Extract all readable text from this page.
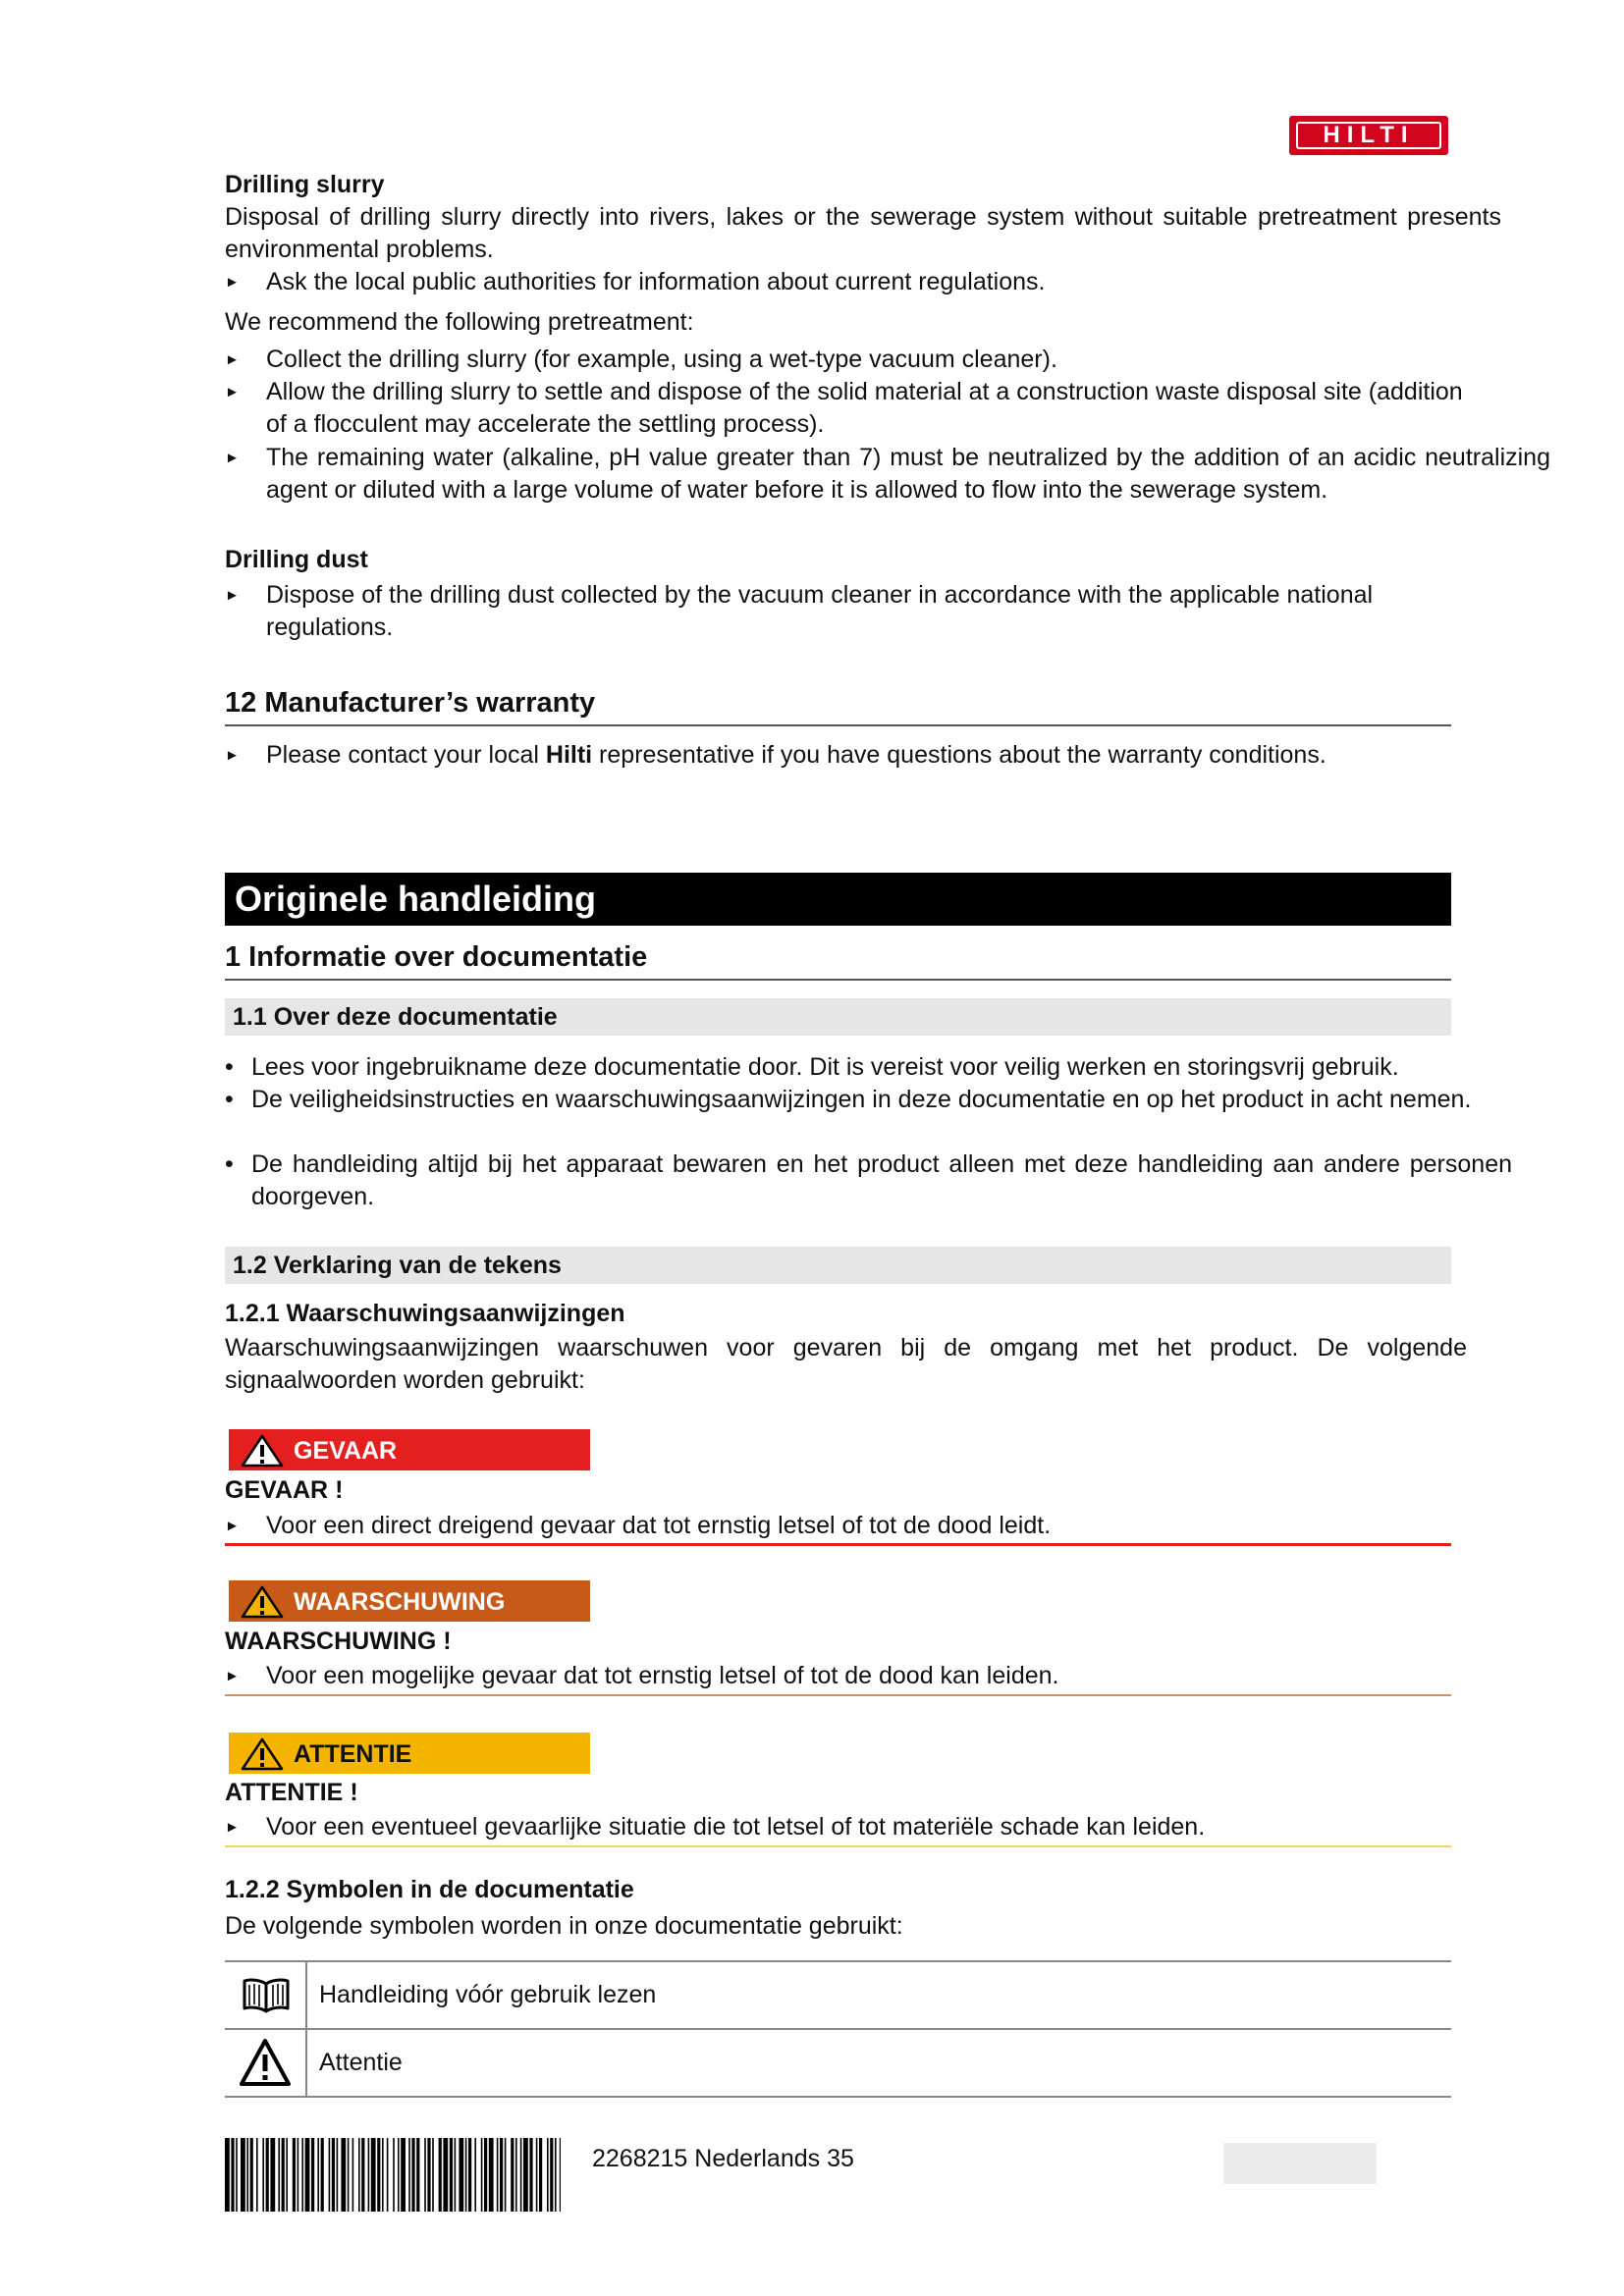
HILTI
Drilling slurry
Disposal of drilling slurry directly into rivers, lakes or the sewerage system without suitable pretreatment presents environmental problems.
► Ask the local public authorities for information about current regulations.
We recommend the following pretreatment:
► Collect the drilling slurry (for example, using a wet-type vacuum cleaner).
► Allow the drilling slurry to settle and dispose of the solid material at a construction waste disposal site (addition of a flocculent may accelerate the settling process).
► The remaining water (alkaline, pH value greater than 7) must be neutralized by the addition of an acidic neutralizing agent or diluted with a large volume of water before it is allowed to flow into the sewerage system.
Drilling dust
► Dispose of the drilling dust collected by the vacuum cleaner in accordance with the applicable national regulations.
12 Manufacturer’s warranty
► Please contact your local Hilti representative if you have questions about the warranty conditions.
Originele handleiding
1 Informatie over documentatie
1.1 Over deze documentatie
• Lees voor ingebruikname deze documentatie door. Dit is vereist voor veilig werken en storingsvrij gebruik.
• De veiligheidsinstructies en waarschuwingsaanwijzingen in deze documentatie en op het product in acht nemen.
• De handleiding altijd bij het apparaat bewaren en het product alleen met deze handleiding aan andere personen doorgeven.
1.2 Verklaring van de tekens
1.2.1 Waarschuwingsaanwijzingen
Waarschuwingsaanwijzingen waarschuwen voor gevaren bij de omgang met het product. De volgende signaalwoorden worden gebruikt:
GEVAAR
GEVAAR !
► Voor een direct dreigend gevaar dat tot ernstig letsel of tot de dood leidt.
WAARSCHUWING
WAARSCHUWING !
► Voor een mogelijke gevaar dat tot ernstig letsel of tot de dood kan leiden.
ATTENTIE
ATTENTIE !
► Voor een eventueel gevaarlijke situatie die tot letsel of tot materiële schade kan leiden.
1.2.2 Symbolen in de documentatie
De volgende symbolen worden in onze documentatie gebruikt:
Handleiding vóór gebruik lezen
Attentie
2268215 Nederlands 35
